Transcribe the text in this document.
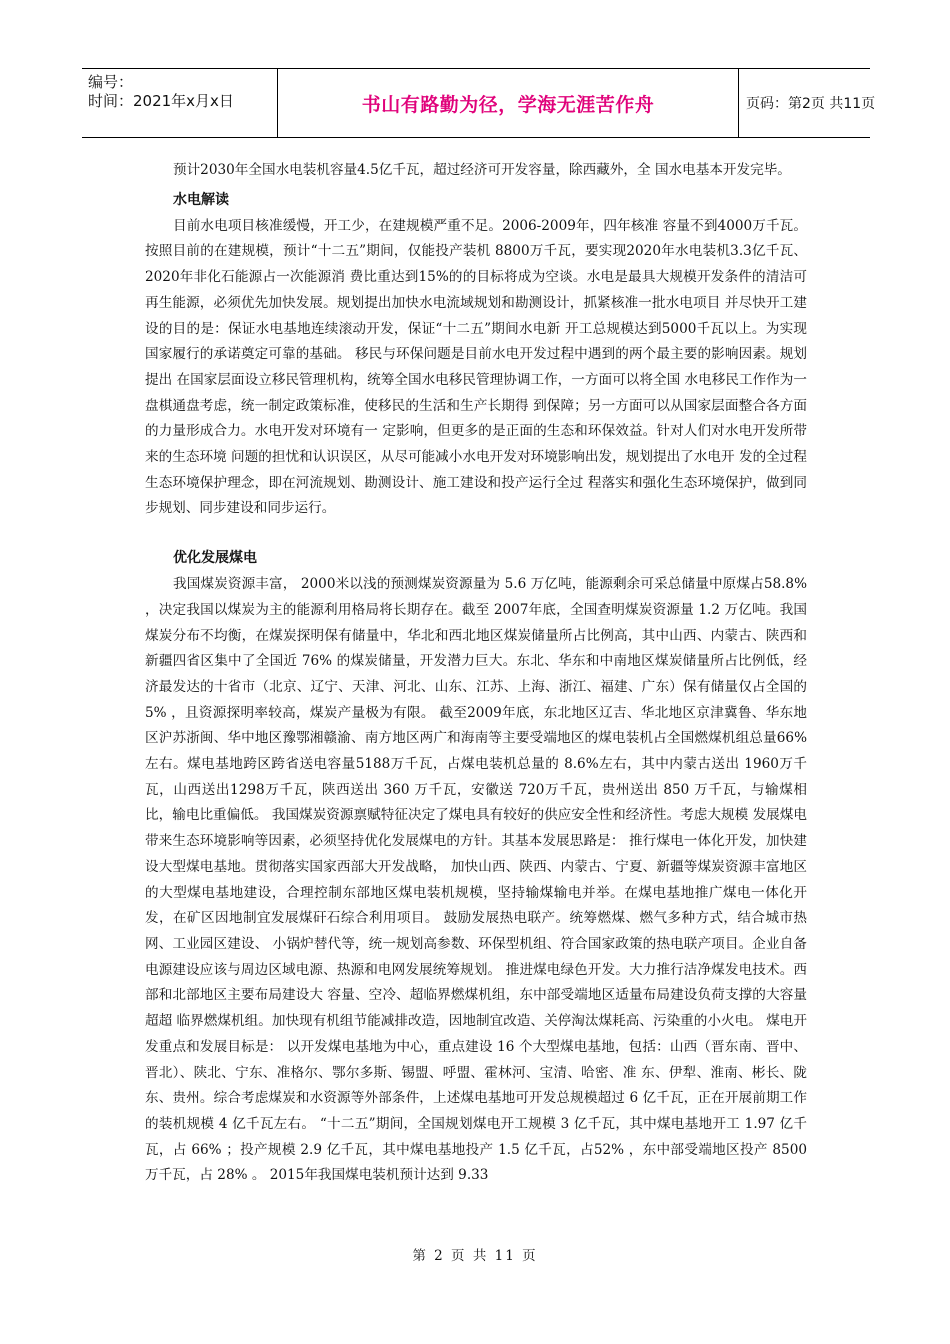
编号：
时间：2021年x月x日	书山有路勤为径，学海无涯苦作舟	页码：第2页 共11页

预计2030年全国水电装机容量4.5亿千瓦，超过经济可开发容量，除西藏外，全 国水电基本开发完毕。

水电解读

目前水电项目核准缓慢，开工少，在建规模严重不足。2006-2009年，四年核准 容量不到4000万千瓦。按照目前的在建规模，预计“十二五”期间，仅能投产装机 8800万千瓦，要实现2020年水电装机3.3亿千瓦、2020年非化石能源占一次能源消 费比重达到15%的的目标将成为空谈。水电是最具大规模开发条件的清洁可再生能源，必须优先加快发展。规划提出加快水电流域规划和勘测设计，抓紧核准一批水电项目 并尽快开工建设的目的是：保证水电基地连续滚动开发，保证“十二五”期间水电新 开工总规模达到5000千瓦以上。为实现国家履行的承诺奠定可靠的基础。 移民与环保问题是目前水电开发过程中遇到的两个最主要的影响因素。规划提出 在国家层面设立移民管理机构，统筹全国水电移民管理协调工作，一方面可以将全国 水电移民工作作为一盘棋通盘考虑，统一制定政策标准，使移民的生活和生产长期得 到保障；另一方面可以从国家层面整合各方面的力量形成合力。水电开发对环境有一 定影响，但更多的是正面的生态和环保效益。针对人们对水电开发所带来的生态环境 问题的担忧和认识误区，从尽可能减小水电开发对环境影响出发，规划提出了水电开 发的全过程生态环境保护理念，即在河流规划、勘测设计、施工建设和投产运行全过 程落实和强化生态环境保护，做到同步规划、同步建设和同步运行。

优化发展煤电

我国煤炭资源丰富， 2000米以浅的预测煤炭资源量为 5.6 万亿吨，能源剩余可采总储量中原煤占58.8% ，决定我国以煤炭为主的能源利用格局将长期存在。截至 2007年底，全国查明煤炭资源量 1.2 万亿吨。我国煤炭分布不均衡，在煤炭探明保有储量中，华北和西北地区煤炭储量所占比例高，其中山西、内蒙古、陕西和新疆四省区集中了全国近 76% 的煤炭储量，开发潜力巨大。东北、华东和中南地区煤炭储量所占比例低，经济最发达的十省市（北京、辽宁、天津、河北、山东、江苏、上海、浙江、福建、广东）保有储量仅占全国的 5% ，且资源探明率较高，煤炭产量极为有限。 截至2009年底，东北地区辽吉、华北地区京津冀鲁、华东地区沪苏浙闽、华中地区豫鄂湘赣渝、南方地区两广和海南等主要受端地区的煤电装机占全国燃煤机组总量66%左右。煤电基地跨区跨省送电容量5188万千瓦，占煤电装机总量的 8.6%左右，其中内蒙古送出 1960万千瓦，山西送出1298万千瓦，陕西送出 360 万千瓦，安徽送 720万千瓦，贵州送出 850 万千瓦，与输煤相比，输电比重偏低。 我国煤炭资源禀赋特征决定了煤电具有较好的供应安全性和经济性。考虑大规模 发展煤电带来生态环境影响等因素，必须坚持优化发展煤电的方针。其基本发展思路是： 推行煤电一体化开发，加快建设大型煤电基地。贯彻落实国家西部大开发战略， 加快山西、陕西、内蒙古、宁夏、新疆等煤炭资源丰富地区的大型煤电基地建设，合理控制东部地区煤电装机规模，坚持输煤输电并举。在煤电基地推广煤电一体化开发，在矿区因地制宜发展煤矸石综合利用项目。 鼓励发展热电联产。统筹燃煤、燃气多种方式，结合城市热网、工业园区建设、 小锅炉替代等，统一规划高参数、环保型机组、符合国家政策的热电联产项目。企业自备电源建设应该与周边区域电源、热源和电网发展统筹规划。 推进煤电绿色开发。大力推行洁净煤发电技术。西部和北部地区主要布局建设大 容量、空冷、超临界燃煤机组，东中部受端地区适量布局建设负荷支撑的大容量超超 临界燃煤机组。加快现有机组节能减排改造，因地制宜改造、关停淘汰煤耗高、污染重的小火电。 煤电开发重点和发展目标是： 以开发煤电基地为中心，重点建设 16 个大型煤电基地，包括：山西（晋东南、晋中、晋北）、陕北、宁东、准格尔、鄂尔多斯、锡盟、呼盟、霍林河、宝清、哈密、准 东、伊犁、淮南、彬长、陇东、贵州。综合考虑煤炭和水资源等外部条件，上述煤电基地可开发总规模超过 6 亿千瓦，正在开展前期工作的装机规模 4 亿千瓦左右。 “十二五”期间，全国规划煤电开工规模 3 亿千瓦，其中煤电基地开工 1.97 亿千瓦，占 66% ；投产规模 2.9 亿千瓦，其中煤电基地投产 1.5 亿千瓦，占52% ，东中部受端地区投产 8500万千瓦，占 28% 。 2015年我国煤电装机预计达到 9.33

第 2 页 共 11 页
